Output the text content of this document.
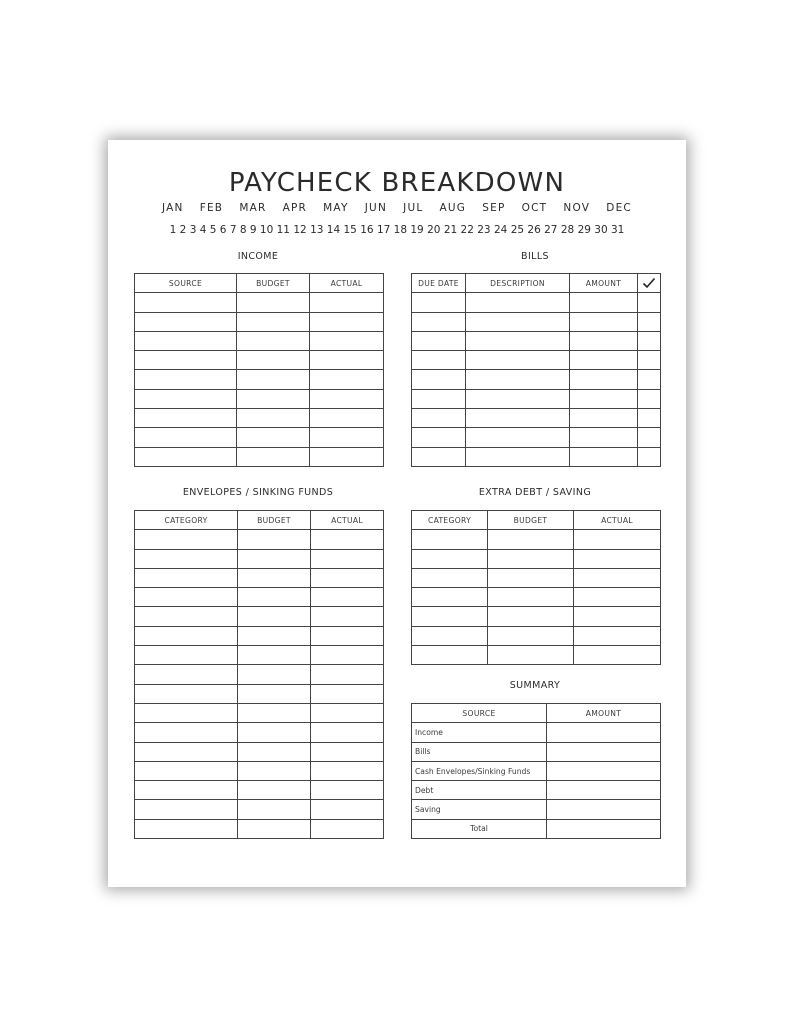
PAYCHECK BREAKDOWN
JAN FEB MAR APR MAY JUN JUL AUG SEP OCT NOV DEC
1 2 3 4 5 6 7 8 9 10 11 12 13 14 15 16 17 18 19 20 21 22 23 24 25 26 27 28 29 30 31
INCOME
SOURCE	BUDGET	ACTUAL

BILLS
DUE DATE	DESCRIPTION	AMOUNT	

ENVELOPES / SINKING FUNDS
CATEGORY	BUDGET	ACTUAL

EXTRA DEBT / SAVING
CATEGORY	BUDGET	ACTUAL

SUMMARY
SOURCE	AMOUNT
Income	
Bills	
Cash Envelopes/Sinking Funds	
Debt	
Saving	
Total	
